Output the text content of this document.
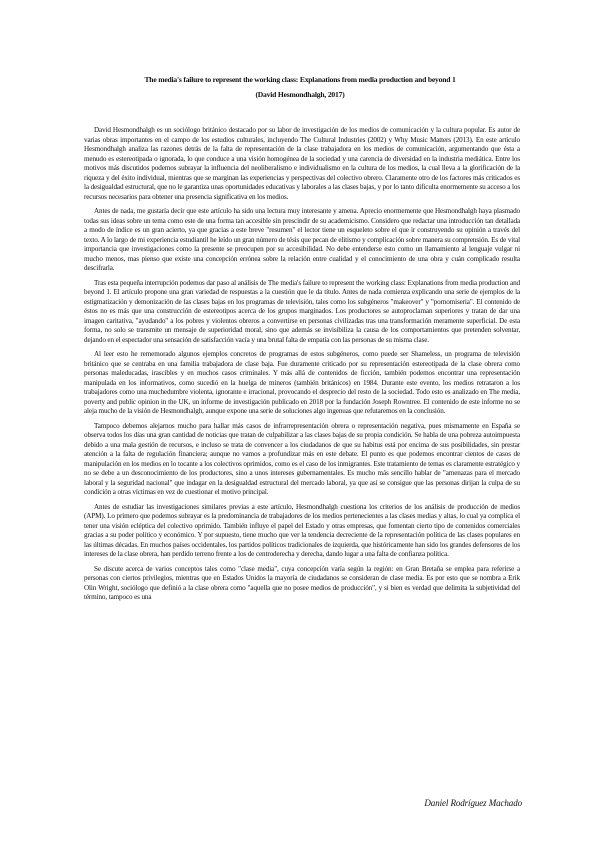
The media's failure to represent the working class: Explanations from media production and beyond 1
(David Hesmondhalgh, 2017)

David Hesmondhalgh es un sociólogo británico destacado por su labor de investigación de los medios de comunicación y la cultura popular. Es autor de varias obras importantes en el campo de los estudios culturales, incluyendo The Cultural Industries (2002) y Why Music Matters (2013). En este artículo Hesmondhalgh analiza las razones detrás de la falta de representación de la clase trabajadora en los medios de comunicación, argumentando que ésta a menudo es estereotipada o ignorada, lo que conduce a una visión homogénea de la sociedad y una carencia de diversidad en la industria mediática. Entre los motivos más discutidos podemos subrayar la influencia del neoliberalismo e individualismo en la cultura de los medios, la cual lleva a la glorificación de la riqueza y del éxito individual, mientras que se marginan las experiencias y perspectivas del colectivo obrero. Claramente otro de los factores más criticados es la desigualdad estructural, que no le garantiza unas oportunidades educativas y laborales a las clases bajas, y por lo tanto dificulta enormemente su acceso a los recursos necesarios para obtener una presencia significativa en los medios.

Antes de nada, me gustaría decir que este artículo ha sido una lectura muy interesante y amena. Aprecio enormemente que Hesmondhalgh haya plasmado todas sus ideas sobre un tema como este de una forma tan accesible sin prescindir de su academicismo. Considero que redactar una introducción tan detallada a modo de índice es un gran acierto, ya que gracias a este breve "resumen" el lector tiene un esqueleto sobre el que ir construyendo su opinión a través del texto. A lo largo de mi experiencia estudiantil he leído un gran número de tésis que pecan de elitismo y complicación sobre manera su comprensión. Es de vital importancia que investigaciones como la presente se preocupen por su accesibilidad. No debe entenderse esto como un llamamiento al lenguaje vulgar ni mucho menos, mas pienso que existe una concepción errónea sobre la relación entre cualidad y el conocimiento de una obra y cuán complicado resulta descifrarla.

Tras esta pequeña interrupción podemos dar paso al análisis de The media's failure to represent the working class: Explanations from media production and beyond 1. El artículo propone una gran variedad de respuestas a la cuestión que le da título. Antes de nada comienza explicando una serie de ejemplos de la estigmatización y demonización de las clases bajas en los programas de televisión, tales como los subgéneros "makeover" y "pornomiseria". El contenido de éstos no es más que una construcción de estereotipos acerca de los grupos marginados. Los productores se autoproclaman superiores y tratan de dar una imagen caritativa, "ayudando" a los pobres y violentos obreros a convertirse en personas civilizadas tras una transformación meramente superficial. De esta forma, no solo se transmite un mensaje de superioridad moral, sino que además se invisibiliza la causa de los comportamientos que pretenden solventar, dejando en el espectador una sensación de satisfacción vacía y una brutal falta de empatía con las personas de su misma clase.

Al leer esto he rememorado algunos ejemplos concretos de programas de estos subgéneros, como puede ser Shameless, un programa de televisión británico que se centraba en una familia trabajadora de clase baja. Fue duramente criticado por su representación estereotipada de la clase obrera como personas maleducadas, irascibles y en muchos casos criminales. Y más allá de contenidos de ficción, también podemos encontrar una representación manipulada en los informativos, como sucedió en la huelga de mineros (también británicos) en 1984. Durante este evento, los medios retrataron a los trabajadores como una muchedumbre violenta, ignorante e irracional, provocando el desprecio del resto de la sociedad. Todo esto es analizado en The media, poverty and public opinion in the UK, un informe de investigación publicado en 2018 por la fundación Joseph Rowntree. El contenido de este informe no se aleja mucho de la visión de Hesmondhalgh, aunque expone una serie de soluciones algo ingenuas que refutaremos en la conclusión.

Tampoco debemos alejarnos mucho para hallar más casos de infrarrepresentación obrera o representación negativa, pues mismamente en España se observa todos los días una gran cantidad de noticias que tratan de culpabilizar a las clases bajas de su propia condición. Se habla de una pobreza autoimpuesta debido a una mala gestión de recursos, e incluso se trata de convencer a los ciudadanos de que su habitus está por encima de sus posibilidades, sin prestar atención a la falta de regulación financiera; aunque no vamos a profundizar más en este debate. El punto es que podemos encontrar cientos de casos de manipulación en los medios en lo tocante a los colectivos oprimidos, como es el caso de los inmigrantes. Este tratamiento de temas es claramente estratégico y no se debe a un desconocimiento de los productores, sino a unos intereses gubernamentales. Es mucho más sencillo hablar de "amenazas para el mercado laboral y la seguridad nacional" que indagar en la desigualdad estructural del mercado laboral, ya que así se consigue que las personas dirijan la culpa de su condición a otras víctimas en vez de cuestionar el motivo principal.

Antes de estudiar las investigaciones similares previas a este artículo, Hesmondhalgh cuestiona los criterios de los análisis de producción de medios (APM). Lo primero que podemos subrayar es la predominancia de trabajadores de los medios pertenecientes a las clases medias y altas, lo cual ya complica el tener una visión ecléptica del colectivo oprimido. También influye el papel del Estado y otras empresas, que fomentan cierto tipo de contenidos comerciales gracias a su poder político y económico. Y por supuesto, tiene mucho que ver la tendencia decreciente de la representación política de las clases populares en las últimas décadas. En muchos países occidentales, los partidos políticos tradicionales de izquierda, que históricamente han sido los grandes defensores de los intereses de la clase obrera, han perdido terreno frente a los de centroderecha y derecha, dando lugar a una falta de confianza política.

Se discute acerca de varios conceptos tales como "clase media", cuya concepción varía según la región: en Gran Bretaña se emplea para referirse a personas con ciertos privilegios, mientras que en Estados Unidos la mayoría de ciudadanos se consideran de clase media. Es por esto que se nombra a Erik Olin Wright, sociólogo que definió a la clase obrera como "aquella que no posee medios de producción", y si bien es verdad que delimita la subjetividad del término, tampoco es una

Daniel Rodríguez Machado
